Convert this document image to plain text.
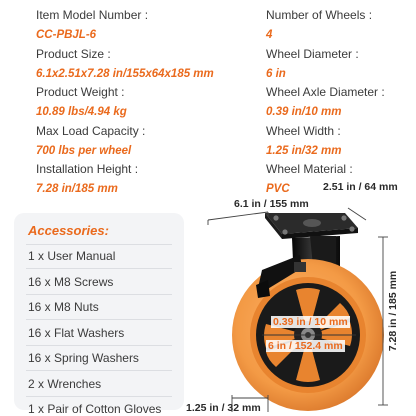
Item Model Number :
CC-PBJL-6
Product Size :
6.1x2.51x7.28 in/155x64x185 mm
Product Weight :
10.89 lbs/4.94 kg
Max Load Capacity :
700 lbs per wheel
Installation Height :
7.28 in/185 mm
Number of Wheels :
4
Wheel Diameter :
6 in
Wheel Axle Diameter :
0.39 in/10 mm
Wheel Width :
1.25 in/32 mm
Wheel Material :
PVC
6.1 in / 155 mm
2.51 in / 64 mm
7.28 in / 185 mm
0.39 in / 10 mm
6 in / 152.4 mm
1.25 in / 32 mm
Accessories:
1 x User Manual
16 x M8 Screws
16 x M8 Nuts
16 x Flat Washers
16 x Spring Washers
2 x Wrenches
1 x Pair of Cotton Gloves
